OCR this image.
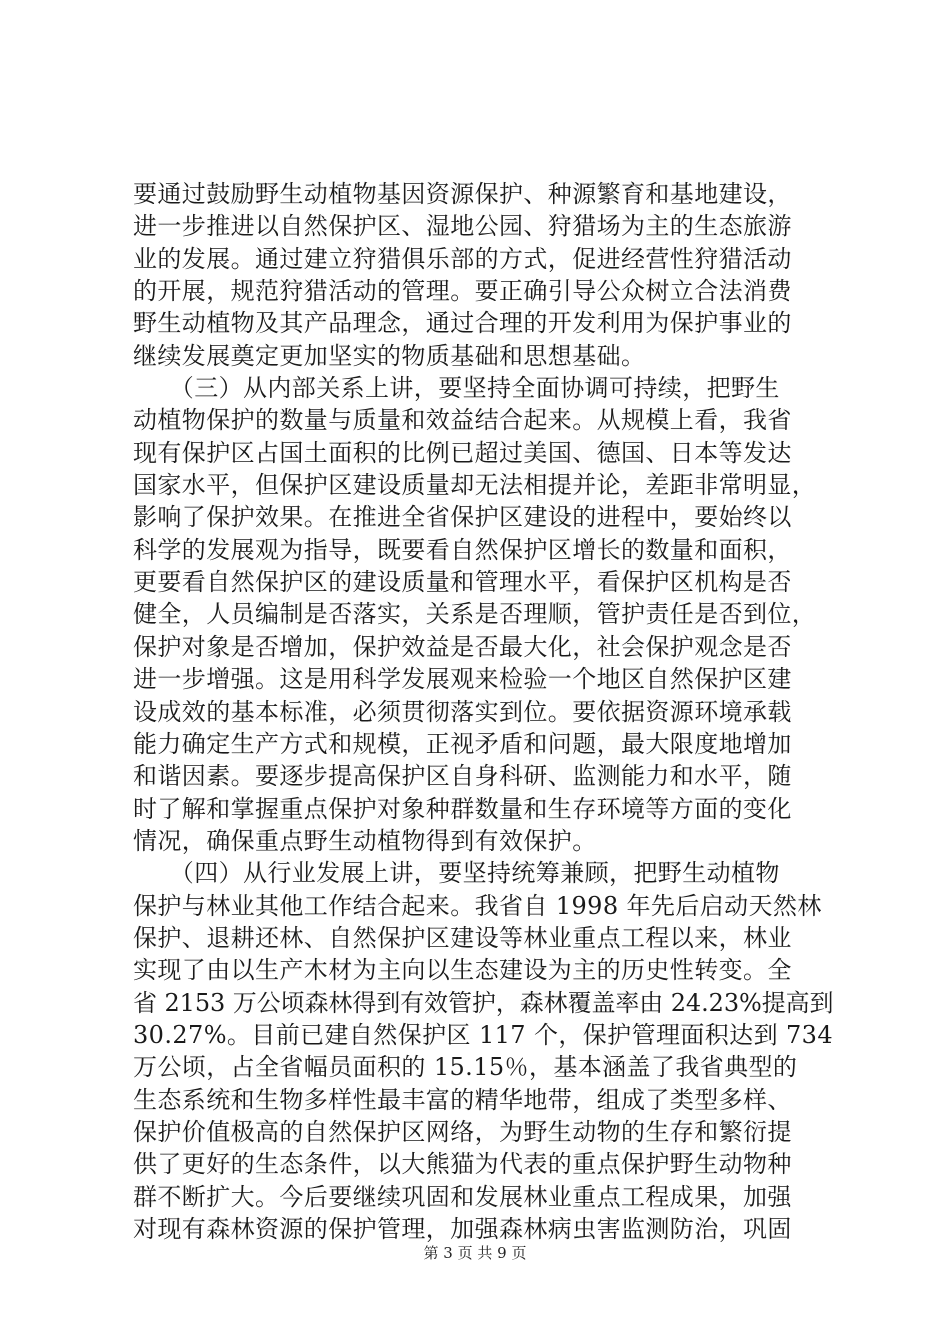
要通过鼓励野生动植物基因资源保护、种源繁育和基地建设，
进一步推进以自然保护区、湿地公园、狩猎场为主的生态旅游
业的发展。通过建立狩猎俱乐部的方式，促进经营性狩猎活动
的开展，规范狩猎活动的管理。要正确引导公众树立合法消费
野生动植物及其产品理念，通过合理的开发利用为保护事业的
继续发展奠定更加坚实的物质基础和思想基础。
　　（三）从内部关系上讲，要坚持全面协调可持续，把野生
动植物保护的数量与质量和效益结合起来。从规模上看，我省
现有保护区占国土面积的比例已超过美国、德国、日本等发达
国家水平，但保护区建设质量却无法相提并论，差距非常明显，
影响了保护效果。在推进全省保护区建设的进程中，要始终以
科学的发展观为指导，既要看自然保护区增长的数量和面积，
更要看自然保护区的建设质量和管理水平，看保护区机构是否
健全，人员编制是否落实，关系是否理顺，管护责任是否到位，
保护对象是否增加，保护效益是否最大化，社会保护观念是否
进一步增强。这是用科学发展观来检验一个地区自然保护区建
设成效的基本标准，必须贯彻落实到位。要依据资源环境承载
能力确定生产方式和规模，正视矛盾和问题，最大限度地增加
和谐因素。要逐步提高保护区自身科研、监测能力和水平，随
时了解和掌握重点保护对象种群数量和生存环境等方面的变化
情况，确保重点野生动植物得到有效保护。
　　（四）从行业发展上讲，要坚持统筹兼顾，把野生动植物
保护与林业其他工作结合起来。我省自 1998 年先后启动天然林
保护、退耕还林、自然保护区建设等林业重点工程以来，林业
实现了由以生产木材为主向以生态建设为主的历史性转变。全
省 2153 万公顷森林得到有效管护，森林覆盖率由 24.23%提高到
30.27%。目前已建自然保护区 117 个，保护管理面积达到 734
万公顷，占全省幅员面积的 15.15％，基本涵盖了我省典型的
生态系统和生物多样性最丰富的精华地带，组成了类型多样、
保护价值极高的自然保护区网络，为野生动物的生存和繁衍提
供了更好的生态条件，以大熊猫为代表的重点保护野生动物种
群不断扩大。今后要继续巩固和发展林业重点工程成果，加强
对现有森林资源的保护管理，加强森林病虫害监测防治，巩固
第 3 页 共 9 页
